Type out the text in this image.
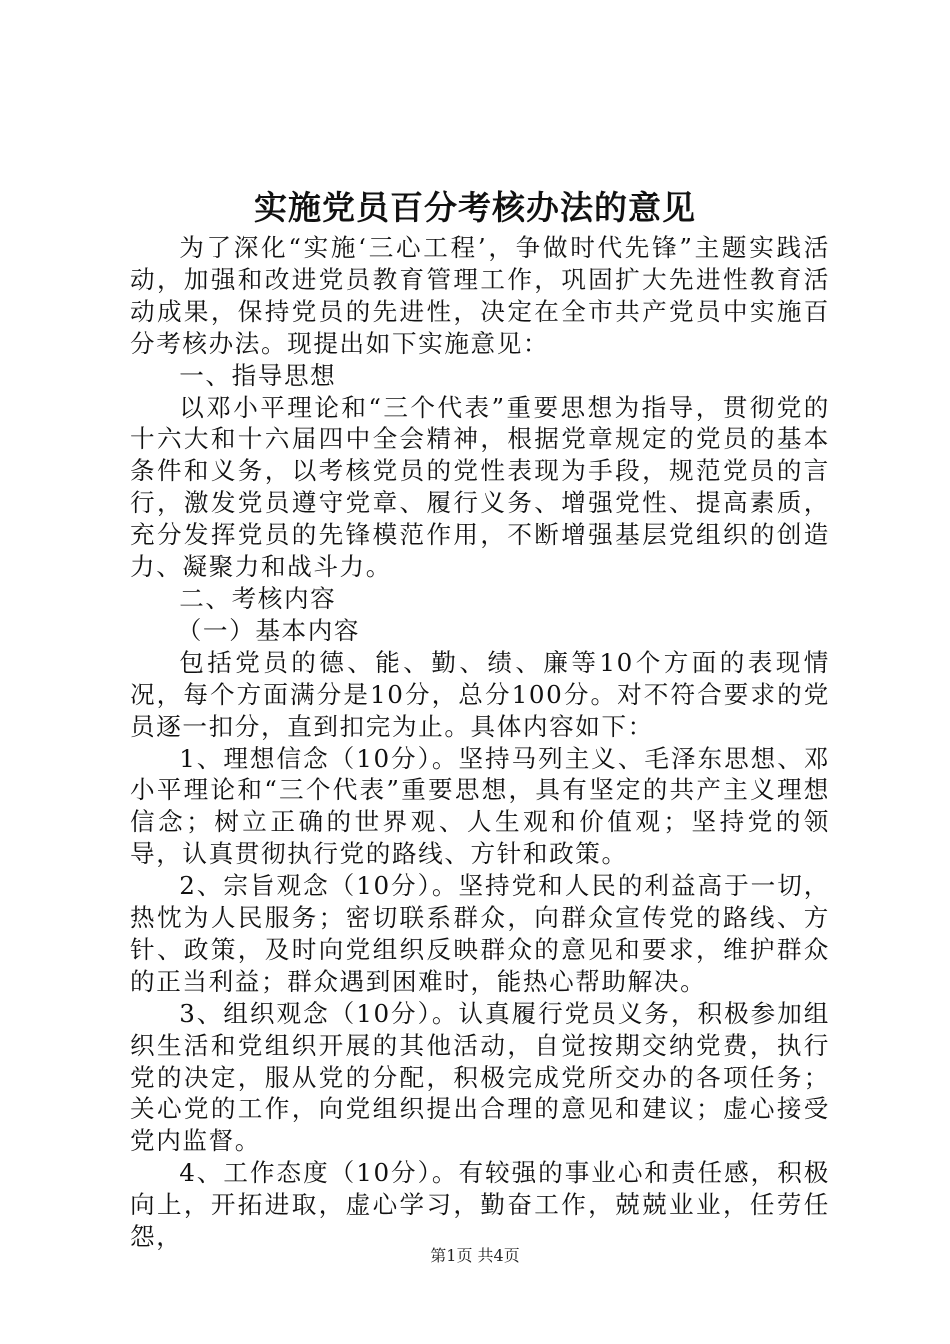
实施党员百分考核办法的意见

为了深化“实施‘三心工程’，争做时代先锋”主题实践活动，加强和改进党员教育管理工作，巩固扩大先进性教育活动成果，保持党员的先进性，决定在全市共产党员中实施百分考核办法。现提出如下实施意见：

一、指导思想

以邓小平理论和“三个代表”重要思想为指导，贯彻党的十六大和十六届四中全会精神，根据党章规定的党员的基本条件和义务，以考核党员的党性表现为手段，规范党员的言行，激发党员遵守党章、履行义务、增强党性、提高素质，充分发挥党员的先锋模范作用，不断增强基层党组织的创造力、凝聚力和战斗力。

二、考核内容

（一）基本内容

包括党员的德、能、勤、绩、廉等10个方面的表现情况，每个方面满分是10分，总分100分。对不符合要求的党员逐一扣分，直到扣完为止。具体内容如下：

1、理想信念（10分）。坚持马列主义、毛泽东思想、邓小平理论和“三个代表”重要思想，具有坚定的共产主义理想信念；树立正确的世界观、人生观和价值观；坚持党的领导，认真贯彻执行党的路线、方针和政策。

2、宗旨观念（10分）。坚持党和人民的利益高于一切，热忱为人民服务；密切联系群众，向群众宣传党的路线、方针、政策，及时向党组织反映群众的意见和要求，维护群众的正当利益；群众遇到困难时，能热心帮助解决。

3、组织观念（10分）。认真履行党员义务，积极参加组织生活和党组织开展的其他活动，自觉按期交纳党费，执行党的决定，服从党的分配，积极完成党所交办的各项任务；关心党的工作，向党组织提出合理的意见和建议；虚心接受党内监督。

4、工作态度（10分）。有较强的事业心和责任感，积极向上，开拓进取，虚心学习，勤奋工作，兢兢业业，任劳任怨，

第1页 共4页
